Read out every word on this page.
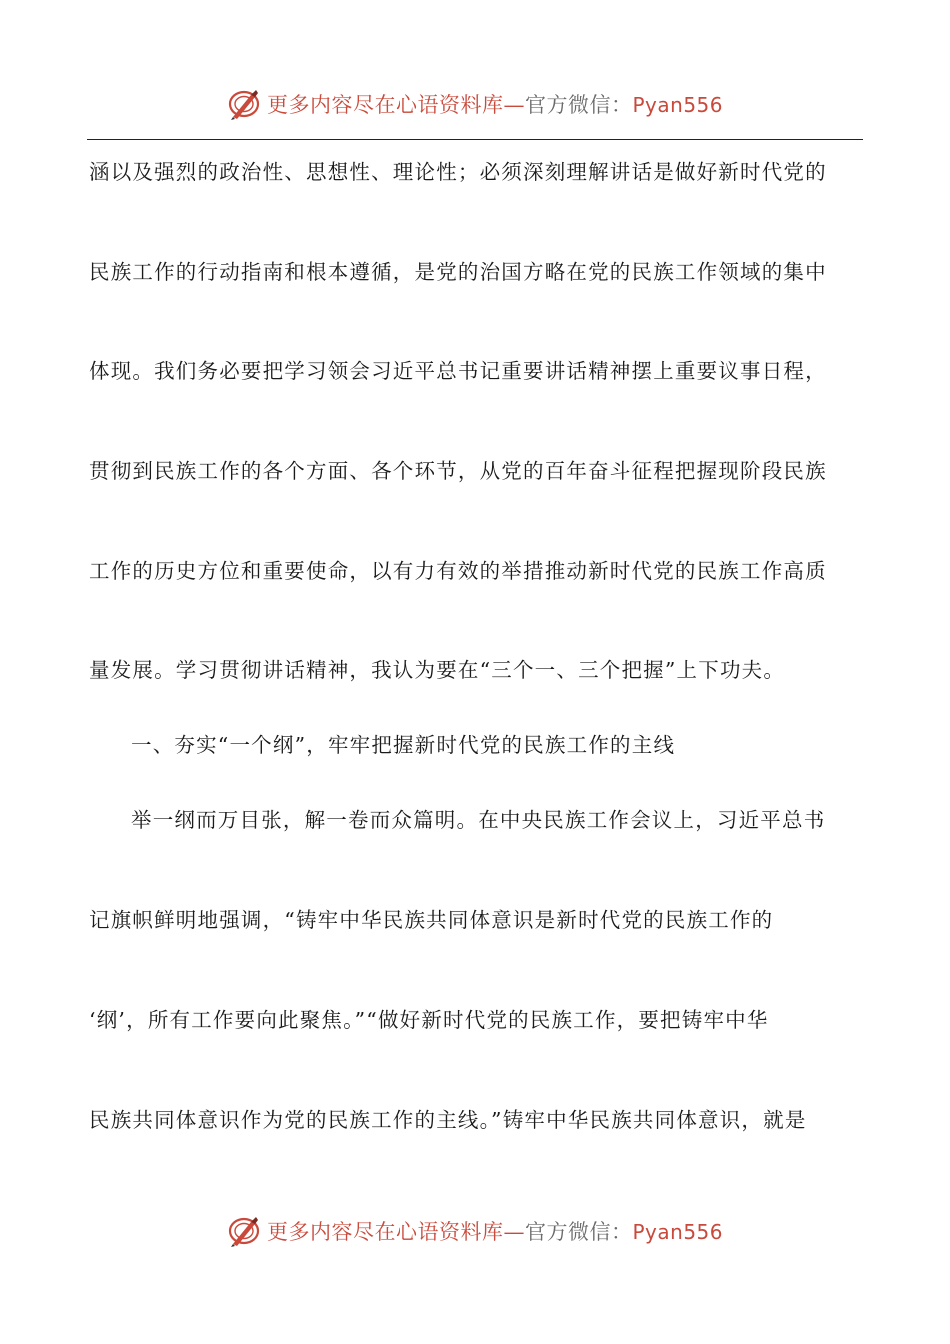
更多内容尽在心语资料库—官方微信：Pyan556
涵以及强烈的政治性、思想性、理论性；必须深刻理解讲话是做好新时代党的
民族工作的行动指南和根本遵循，是党的治国方略在党的民族工作领域的集中
体现。我们务必要把学习领会习近平总书记重要讲话精神摆上重要议事日程，
贯彻到民族工作的各个方面、各个环节，从党的百年奋斗征程把握现阶段民族
工作的历史方位和重要使命，以有力有效的举措推动新时代党的民族工作高质
量发展。学习贯彻讲话精神，我认为要在“三个一、三个把握”上下功夫。
一、夯实“一个纲”，牢牢把握新时代党的民族工作的主线
举一纲而万目张，解一卷而众篇明。在中央民族工作会议上，习近平总书
记旗帜鲜明地强调，“铸牢中华民族共同体意识是新时代党的民族工作的
‘纲’，所有工作要向此聚焦。”“做好新时代党的民族工作，要把铸牢中华
民族共同体意识作为党的民族工作的主线。”铸牢中华民族共同体意识，就是
更多内容尽在心语资料库—官方微信：Pyan556
